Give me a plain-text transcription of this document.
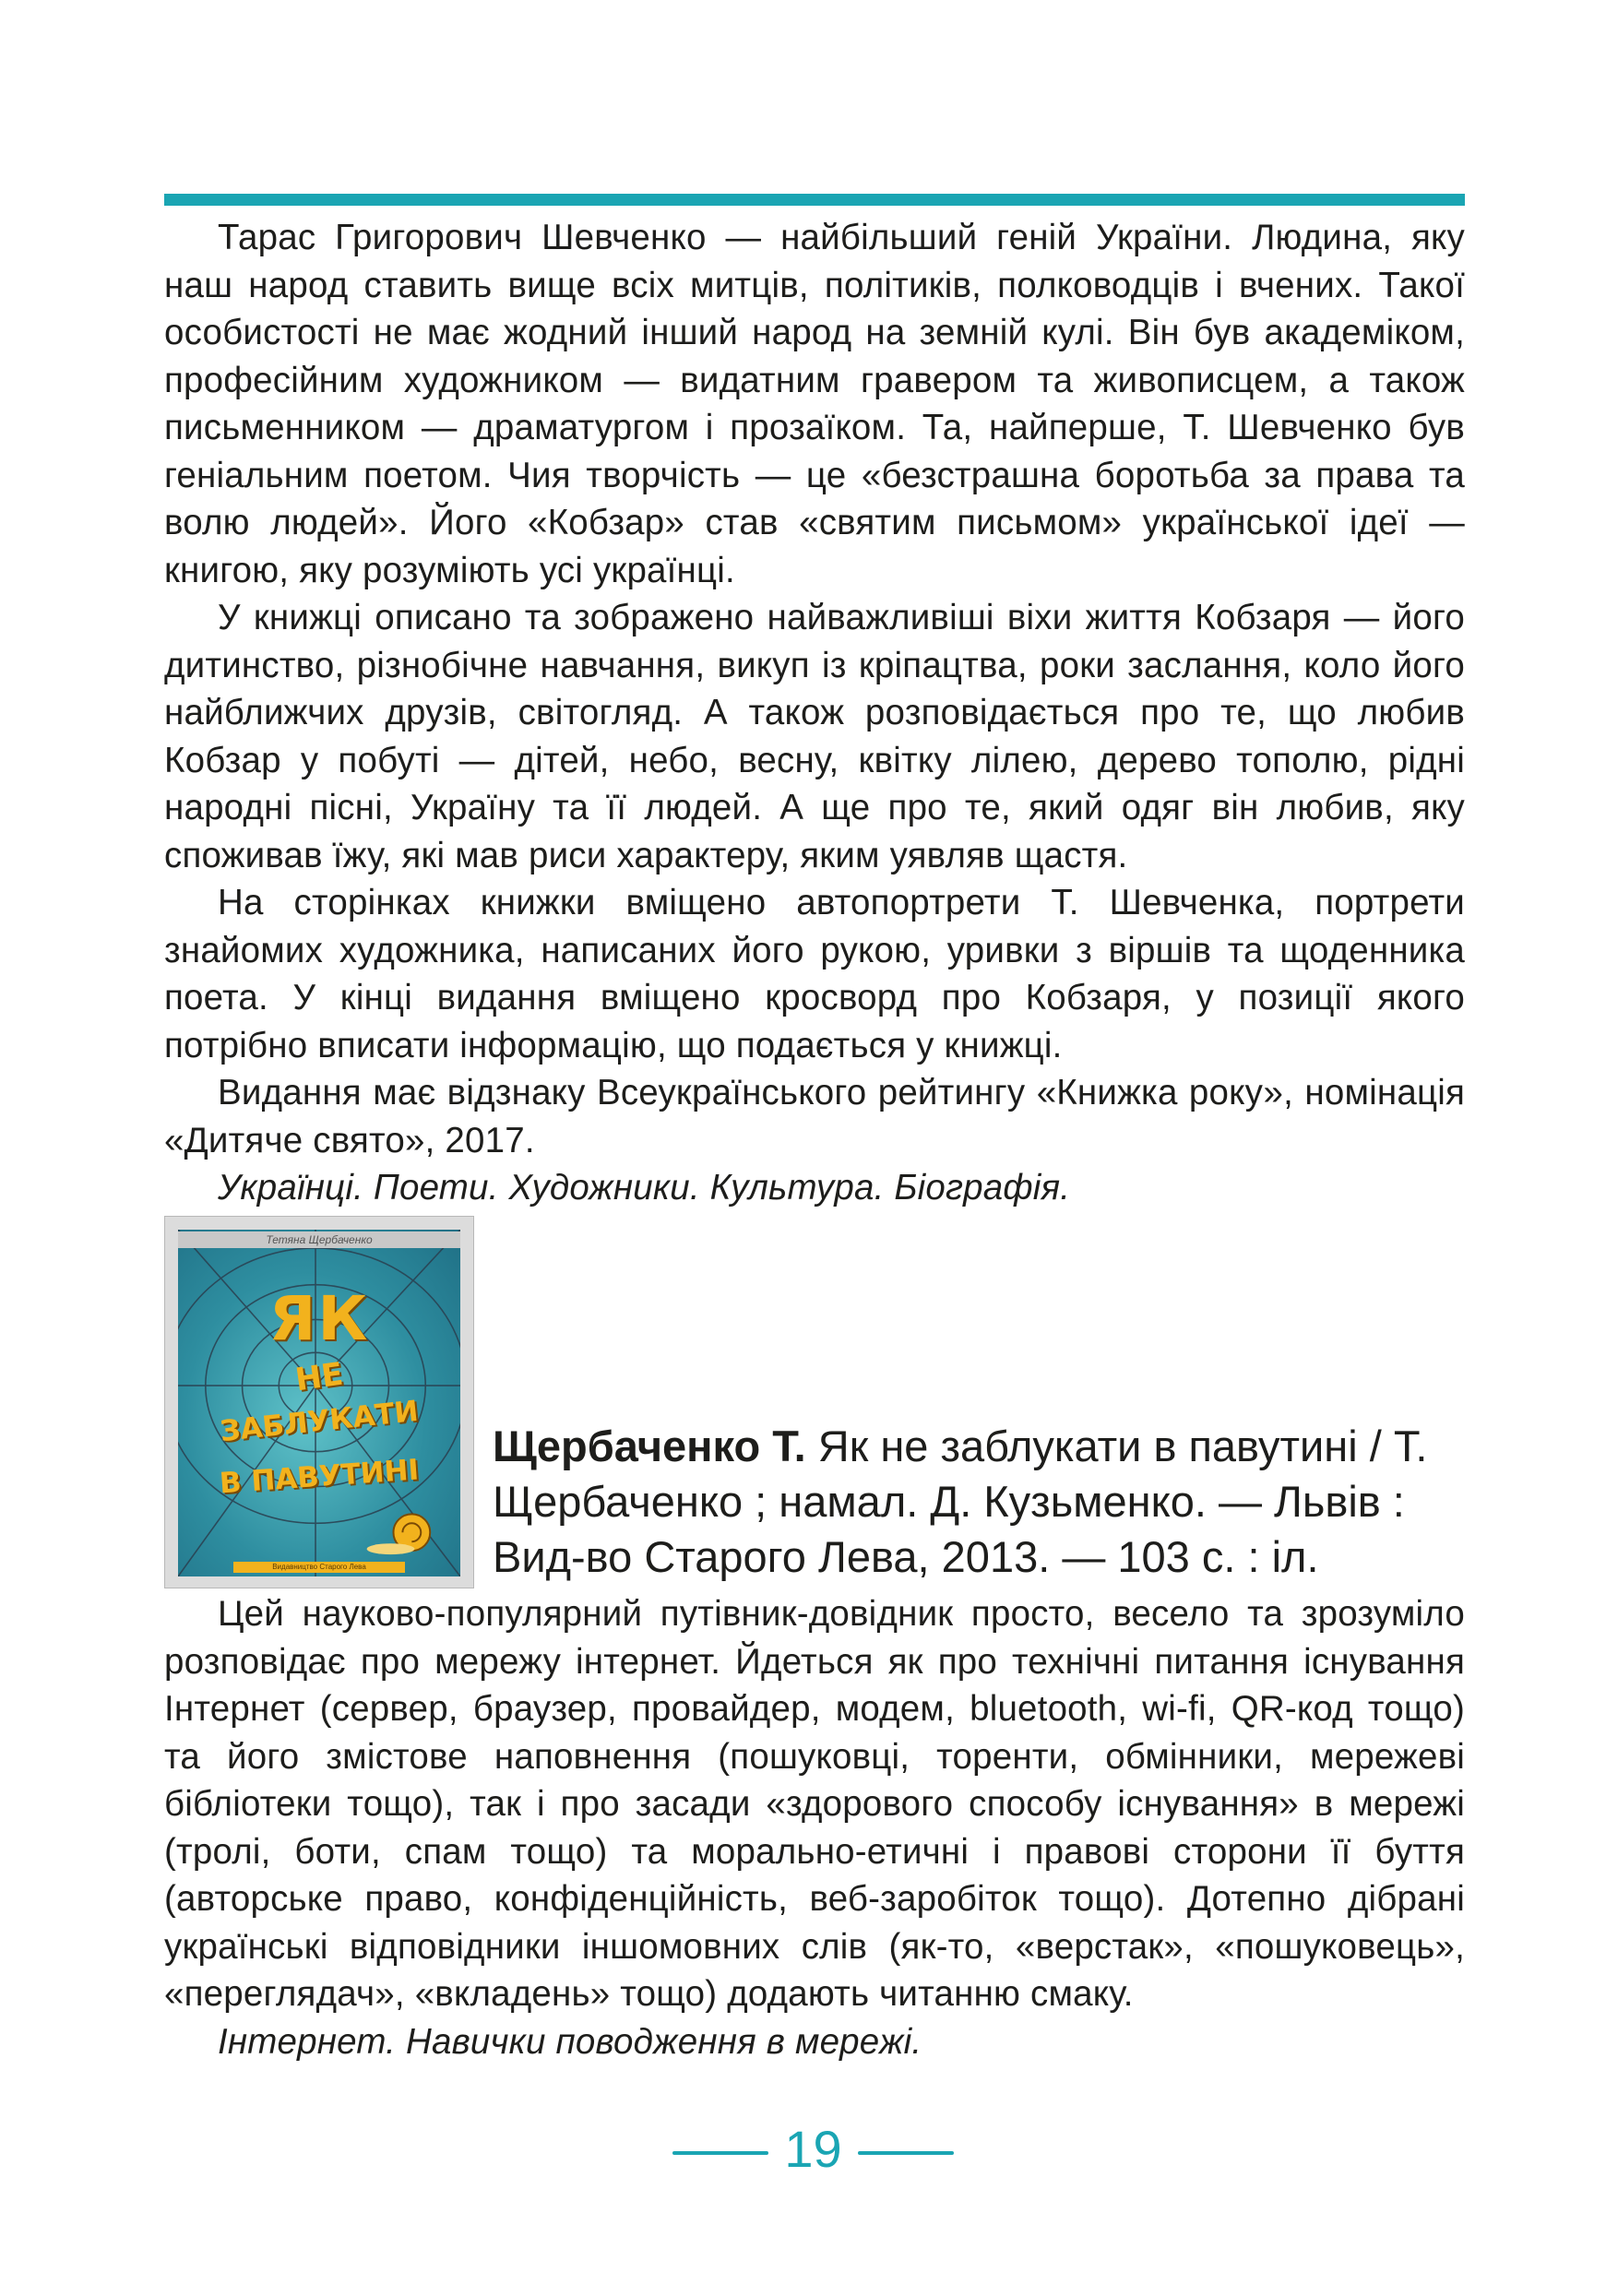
Тарас Григорович Шевченко — найбільший геній України. Людина, яку наш народ ставить вище всіх митців, політиків, полководців і вчених. Такої особистості не має жодний інший народ на земній кулі. Він був академіком, професійним художником — видатним гравером та живописцем, а також письменником — драматургом і прозаїком. Та, найперше, Т. Шевченко був геніальним поетом. Чия творчість — це «безстрашна боротьба за права та волю людей». Його «Кобзар» став «святим письмом» української ідеї — книгою, яку розуміють усі українці.

У книжці описано та зображено найважливіші віхи життя Кобзаря — його дитинство, різнобічне навчання, викуп із кріпацтва, роки заслання, коло його найближчих друзів, світогляд. А також розповідається про те, що любив Кобзар у побуті — дітей, небо, весну, квітку лілею, дерево тополю, рідні народні пісні, Україну та її людей. А ще про те, який одяг він любив, яку споживав їжу, які мав риси характеру, яким уявляв щастя.

На сторінках книжки вміщено автопортрети Т. Шевченка, портрети знайомих художника, написаних його рукою, уривки з віршів та щоденника поета. У кінці видання вміщено кросворд про Кобзаря, у позиції якого потрібно вписати інформацію, що подається у книжці.

Видання має відзнаку Всеукраїнського рейтингу «Книжка року», номінація «Дитяче свято», 2017.

Українці. Поети. Художники. Культура. Біографія.

Тетяна Щербаченко
ЯК
НЕ
ЗАБЛУКАТИ
В ПАВУТИНІ
Видавництво Старого Лева
Щербаченко Т. Як не заблукати в павутині / Т. Щербаченко ; намал. Д. Кузьменко. — Львів : Вид-во Старого Лева, 2013. — 103 с. : іл.

Цей науково-популярний путівник-довідник просто, весело та зрозуміло розповідає про мережу інтернет. Йдеться як про технічні питання існування Інтернет (сервер, браузер, провайдер, модем, bluetooth, wi-fi, QR-код тощо) та його змістове наповнення (пошуковці, торенти, обмінники, мережеві бібліотеки тощо), так і про засади «здорового способу існування» в мережі (тролі, боти, спам тощо) та морально-етичні і правові сторони її буття (авторське право, конфіденційність, веб-заробіток тощо). Дотепно дібрані українські відповідники іншомовних слів (як-то, «верстак», «пошуковець», «переглядач», «вкладень» тощо) додають читанню смаку.

Інтернет. Навички поводження в мережі.

19
